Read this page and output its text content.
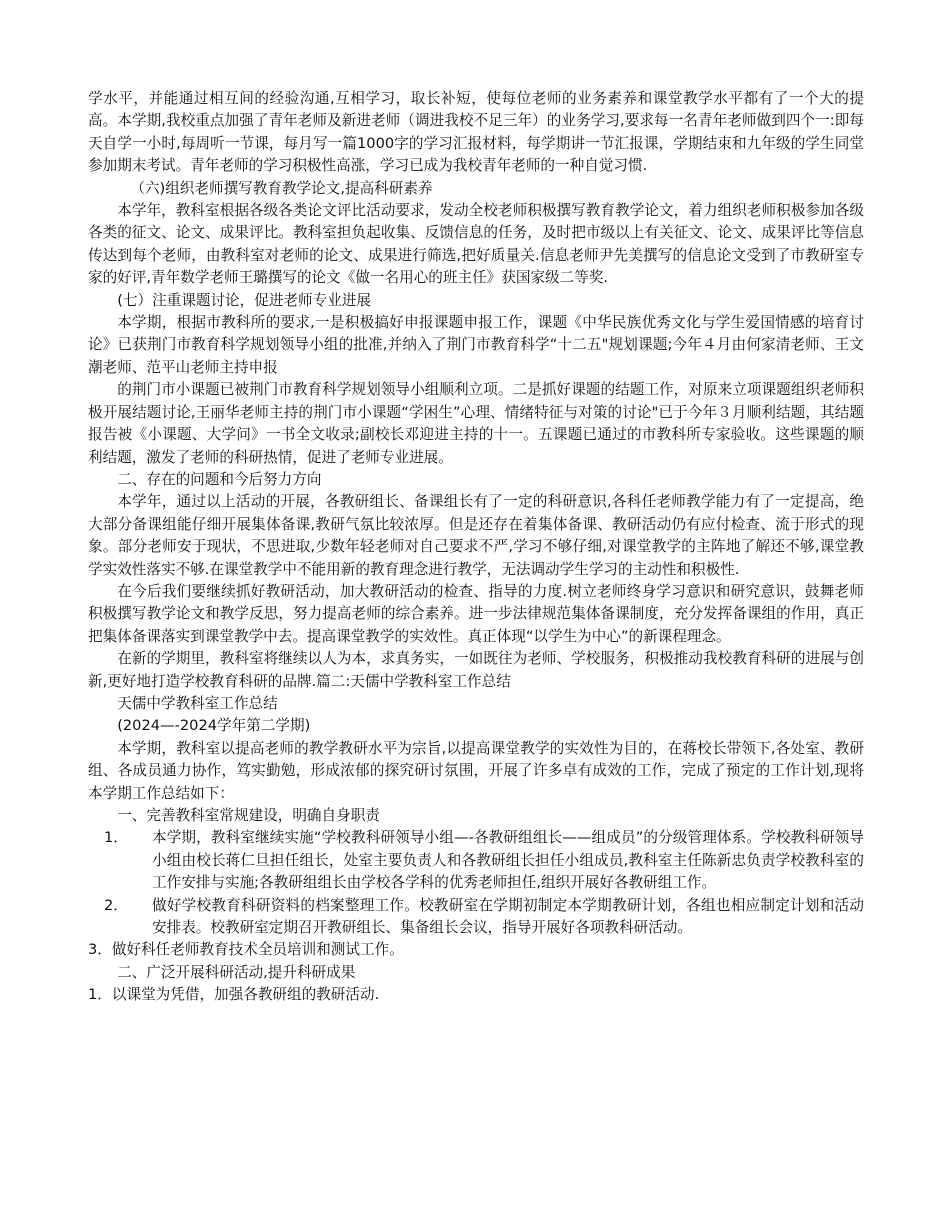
学水平，并能通过相互间的经验沟通,互相学习，取长补短，使每位老师的业务素养和课堂教学水平都有了一个大的提高。本学期,我校重点加强了青年老师及新进老师（调进我校不足三年）的业务学习,要求每一名青年老师做到四个一:即每天自学一小时,每周听一节课，每月写一篇1000字的学习汇报材料，每学期讲一节汇报课，学期结束和九年级的学生同堂参加期末考试。青年老师的学习积极性高涨，学习已成为我校青年老师的一种自觉习惯.

（六)组织老师撰写教育教学论文,提高科研素养

本学年，教科室根据各级各类论文评比活动要求，发动全校老师积极撰写教育教学论文，着力组织老师积极参加各级各类的征文、论文、成果评比。教科室担负起收集、反馈信息的任务，及时把市级以上有关征文、论文、成果评比等信息传达到每个老师，由教科室对老师的论文、成果进行筛选,把好质量关.信息老师尹先美撰写的信息论文受到了市教研室专家的好评,青年数学老师王璐撰写的论文《做一名用心的班主任》获国家级二等奖.

(七）注重课题讨论，促进老师专业进展

本学期，根据市教科所的要求,一是积极搞好申报课题申报工作，课题《中华民族优秀文化与学生爱国情感的培育讨论》已获荆门市教育科学规划领导小组的批准,并纳入了荆门市教育科学“十二五"规划课题;今年４月由何家清老师、王文潮老师、范平山老师主持申报

的荆门市小课题已被荆门市教育科学规划领导小组顺利立项。二是抓好课题的结题工作，对原来立项课题组织老师积极开展结题讨论,王丽华老师主持的荆门市小课题“学困生”心理、情绪特征与对策的讨论"已于今年３月顺利结题，其结题报告被《小课题、大学问》一书全文收录;副校长邓迎进主持的十一。五课题已通过的市教科所专家验收。这些课题的顺利结题，激发了老师的科研热情，促进了老师专业进展。

二、存在的问题和今后努力方向

本学年，通过以上活动的开展，各教研组长、备课组长有了一定的科研意识,各科任老师教学能力有了一定提高，绝大部分备课组能仔细开展集体备课,教研气氛比较浓厚。但是还存在着集体备课、教研活动仍有应付检查、流于形式的现象。部分老师安于现状，不思进取,少数年轻老师对自己要求不严,学习不够仔细,对课堂教学的主阵地了解还不够,课堂教学实效性落实不够.在课堂教学中不能用新的教育理念进行教学，无法调动学生学习的主动性和积极性.

在今后我们要继续抓好教研活动，加大教研活动的检查、指导的力度.树立老师终身学习意识和研究意识，鼓舞老师积极撰写教学论文和教学反思，努力提高老师的综合素养。进一步法律规范集体备课制度，充分发挥备课组的作用，真正把集体备课落实到课堂教学中去。提高课堂教学的实效性。真正体现“以学生为中心”的新课程理念。

在新的学期里，教科室将继续以人为本，求真务实，一如既往为老师、学校服务，积极推动我校教育科研的进展与创新,更好地打造学校教育科研的品牌.篇二:天儒中学教科室工作总结

天儒中学教科室工作总结

(2024—-2024学年第二学期)

本学期，教科室以提高老师的教学教研水平为宗旨,以提高课堂教学的实效性为目的，在蒋校长带领下,各处室、教研组、各成员通力协作，笃实勤勉，形成浓郁的探究研讨氛围，开展了许多卓有成效的工作，完成了预定的工作计划,现将本学期工作总结如下：

一、完善教科室常规建设，明确自身职责

1． 本学期，教科室继续实施“学校教科研领导小组—-各教研组组长——组成员”的分级管理体系。学校教科研领导小组由校长蒋仁旦担任组长，处室主要负责人和各教研组长担任小组成员,教科室主任陈新忠负责学校教科室的工作安排与实施;各教研组组长由学校各学科的优秀老师担任,组织开展好各教研组工作。

2． 做好学校教育科研资料的档案整理工作。校教研室在学期初制定本学期教研计划，各组也相应制定计划和活动安排表。校教研室定期召开教研组长、集备组长会议，指导开展好各项教科研活动。

3．做好科任老师教育技术全员培训和测试工作。

二、广泛开展科研活动,提升科研成果

1．以课堂为凭借，加强各教研组的教研活动.
